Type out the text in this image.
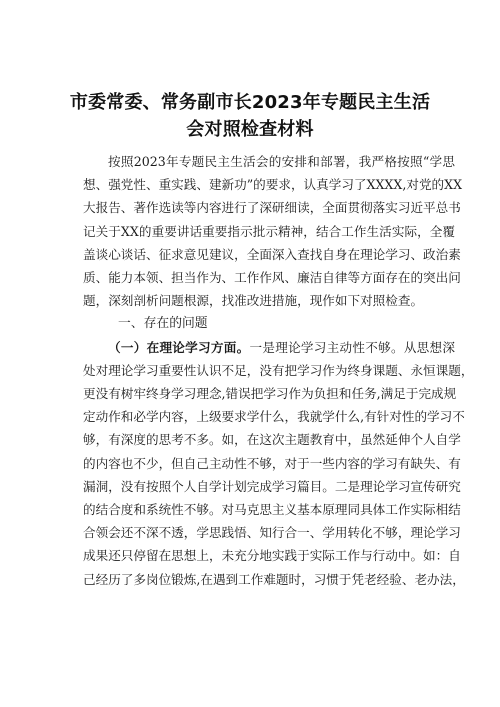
市委常委、常务副市长2023年专题民主生活
会对照检查材料
按照2023年专题民主生活会的安排和部署，我严格按照“学思
想、强党性、重实践、建新功”的要求，认真学习了XXXX,对党的XX
大报告、著作选读等内容进行了深研细读，全面贯彻落实习近平总书
记关于XX的重要讲话重要指示批示精神，结合工作生活实际，全覆
盖谈心谈话、征求意见建议，全面深入查找自身在理论学习、政治素
质、能力本领、担当作为、工作作风、廉洁自律等方面存在的突出问
题，深刻剖析问题根源，找准改进措施，现作如下对照检查。
一、存在的问题
（一）在理论学习方面。一是理论学习主动性不够。从思想深
处对理论学习重要性认识不足，没有把学习作为终身课题、永恒课题，
更没有树牢终身学习理念,错误把学习作为负担和任务,满足于完成规
定动作和必学内容，上级要求学什么，我就学什么,有针对性的学习不
够，有深度的思考不多。如，在这次主题教育中，虽然延伸个人自学
的内容也不少，但自己主动性不够，对于一些内容的学习有缺失、有
漏洞，没有按照个人自学计划完成学习篇目。二是理论学习宣传研究
的结合度和系统性不够。对马克思主义基本原理同具体工作实际相结
合领会还不深不透，学思践悟、知行合一、学用转化不够，理论学习
成果还只停留在思想上，未充分地实践于实际工作与行动中。如：自
己经历了多岗位锻炼,在遇到工作难题时，习惯于凭老经验、老办法，
